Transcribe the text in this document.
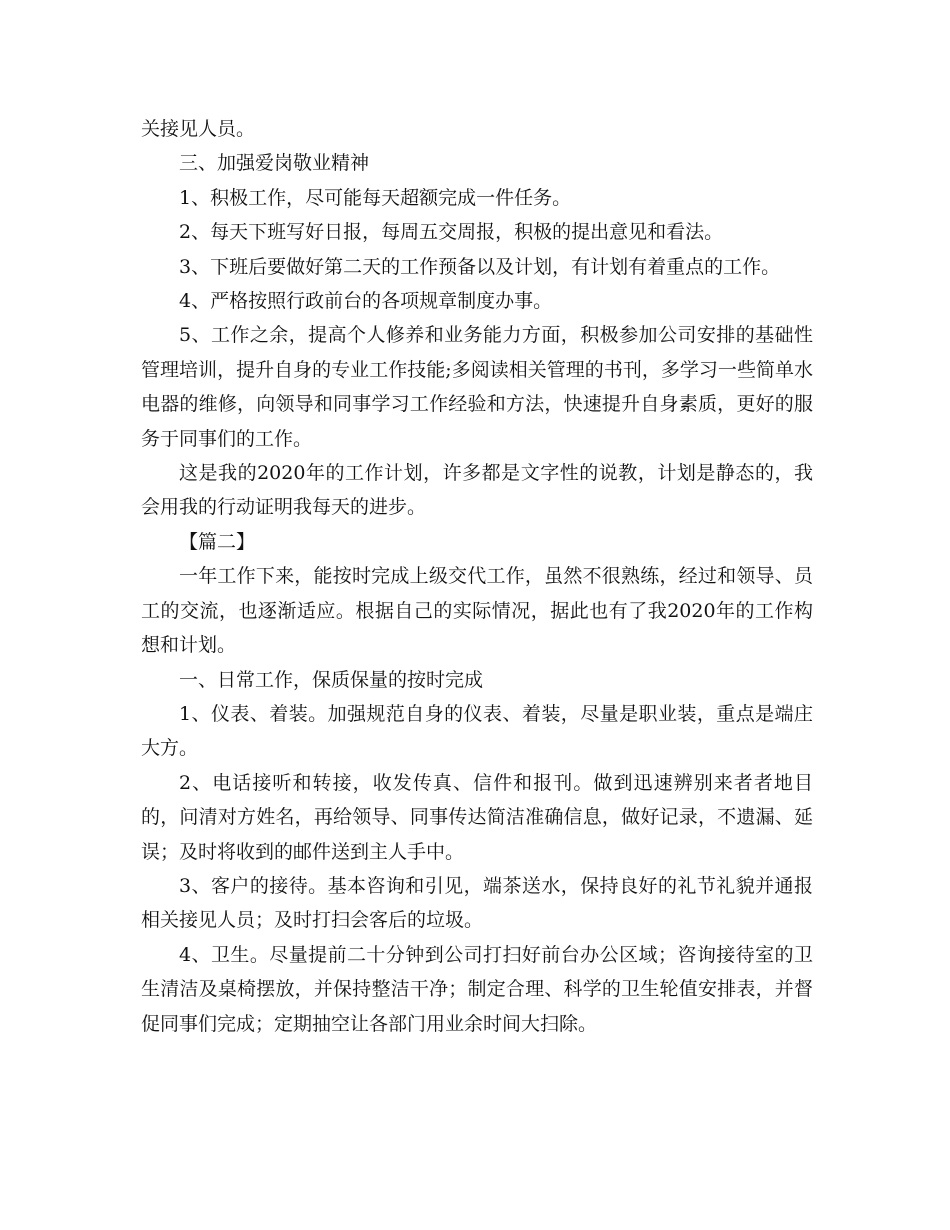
关接见人员。

三、加强爱岗敬业精神

1、积极工作，尽可能每天超额完成一件任务。

2、每天下班写好日报，每周五交周报，积极的提出意见和看法。

3、下班后要做好第二天的工作预备以及计划，有计划有着重点的工作。

4、严格按照行政前台的各项规章制度办事。

5、工作之余，提高个人修养和业务能力方面，积极参加公司安排的基础性管理培训，提升自身的专业工作技能;多阅读相关管理的书刊，多学习一些简单水电器的维修，向领导和同事学习工作经验和方法，快速提升自身素质，更好的服务于同事们的工作。

这是我的2020年的工作计划，许多都是文字性的说教，计划是静态的，我会用我的行动证明我每天的进步。

【篇二】

一年工作下来，能按时完成上级交代工作，虽然不很熟练，经过和领导、员工的交流，也逐渐适应。根据自己的实际情况，据此也有了我2020年的工作构想和计划。

一、日常工作，保质保量的按时完成

1、仪表、着装。加强规范自身的仪表、着装，尽量是职业装，重点是端庄大方。

2、电话接听和转接，收发传真、信件和报刊。做到迅速辨别来者者地目的，问清对方姓名，再给领导、同事传达简洁准确信息，做好记录，不遗漏、延误；及时将收到的邮件送到主人手中。

3、客户的接待。基本咨询和引见，端茶送水，保持良好的礼节礼貌并通报相关接见人员；及时打扫会客后的垃圾。

4、卫生。尽量提前二十分钟到公司打扫好前台办公区域；咨询接待室的卫生清洁及桌椅摆放，并保持整洁干净；制定合理、科学的卫生轮值安排表，并督促同事们完成；定期抽空让各部门用业余时间大扫除。
